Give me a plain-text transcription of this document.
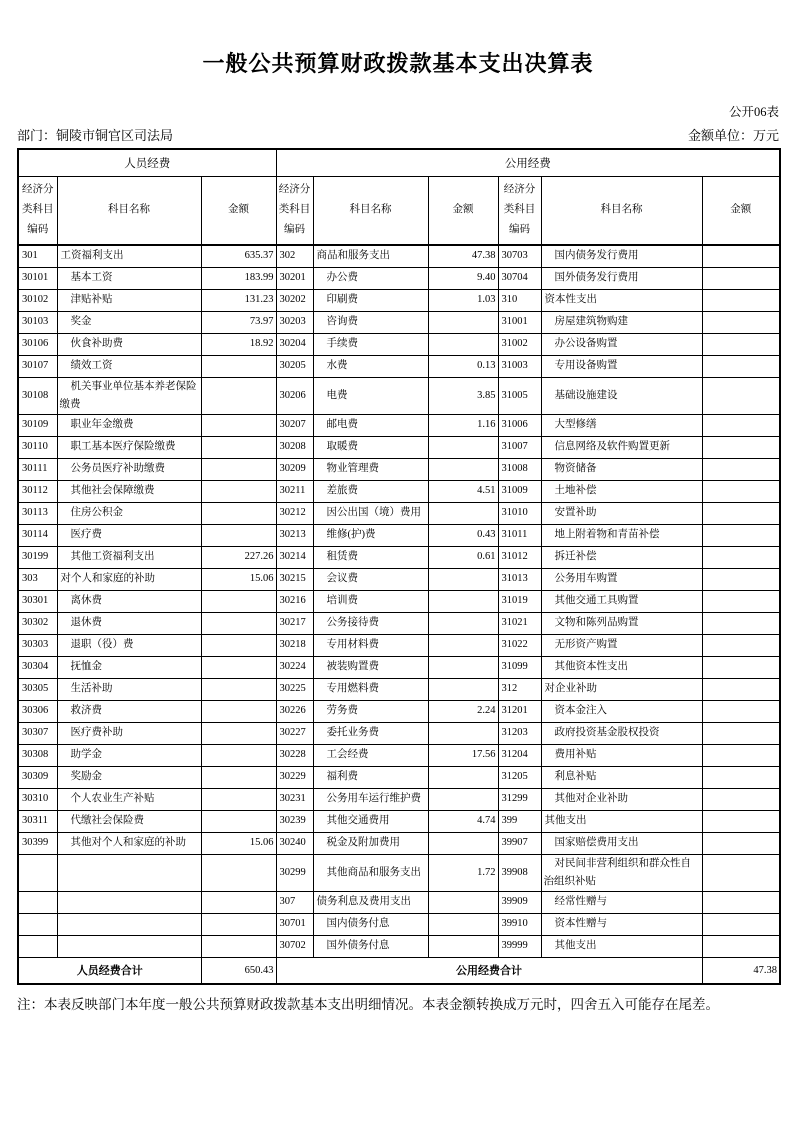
一般公共预算财政拨款基本支出决算表
公开06表
部门：铜陵市铜官区司法局	金额单位：万元
人员经费			公用经费					
经济分类科目编码	科目名称	金额	经济分类科目编码	科目名称	金额	经济分类科目编码	科目名称	金额
301	工资福利支出	635.37	302	商品和服务支出	47.38	30703	国内债务发行费用	
30101	基本工资	183.99	30201	办公费	9.40	30704	国外债务发行费用	
30102	津贴补贴	131.23	30202	印刷费	1.03	310	资本性支出	
30103	奖金	73.97	30203	咨询费		31001	房屋建筑物购建	
30106	伙食补助费	18.92	30204	手续费		31002	办公设备购置	
30107	绩效工资		30205	水费	0.13	31003	专用设备购置	
30108	机关事业单位基本养老保险缴费		30206	电费	3.85	31005	基础设施建设	
30109	职业年金缴费		30207	邮电费	1.16	31006	大型修缮	
30110	职工基本医疗保险缴费		30208	取暖费		31007	信息网络及软件购置更新	
30111	公务员医疗补助缴费		30209	物业管理费		31008	物资储备	
30112	其他社会保障缴费		30211	差旅费	4.51	31009	土地补偿	
30113	住房公积金		30212	因公出国（境）费用		31010	安置补助	
30114	医疗费		30213	维修(护)费	0.43	31011	地上附着物和青苗补偿	
30199	其他工资福利支出	227.26	30214	租赁费	0.61	31012	拆迁补偿	
303	对个人和家庭的补助	15.06	30215	会议费		31013	公务用车购置	
30301	离休费		30216	培训费		31019	其他交通工具购置	
30302	退休费		30217	公务接待费		31021	文物和陈列品购置	
30303	退职（役）费		30218	专用材料费		31022	无形资产购置	
30304	抚恤金		30224	被装购置费		31099	其他资本性支出	
30305	生活补助		30225	专用燃料费		312	对企业补助	
30306	救济费		30226	劳务费	2.24	31201	资本金注入	
30307	医疗费补助		30227	委托业务费		31203	政府投资基金股权投资	
30308	助学金		30228	工会经费	17.56	31204	费用补贴	
30309	奖励金		30229	福利费		31205	利息补贴	
30310	个人农业生产补贴		30231	公务用车运行维护费		31299	其他对企业补助	
30311	代缴社会保险费		30239	其他交通费用	4.74	399	其他支出	
30399	其他对个人和家庭的补助	15.06	30240	税金及附加费用		39907	国家赔偿费用支出	
			30299	其他商品和服务支出	1.72	39908	对民间非营利组织和群众性自治组织补贴	
			307	债务利息及费用支出		39909	经常性赠与	
			30701	国内债务付息		39910	资本性赠与	
			30702	国外债务付息		39999	其他支出	
人员经费合计		650.43	公用经费合计					47.38

注：本表反映部门本年度一般公共预算财政拨款基本支出明细情况。本表金额转换成万元时，四舍五入可能存在尾差。
